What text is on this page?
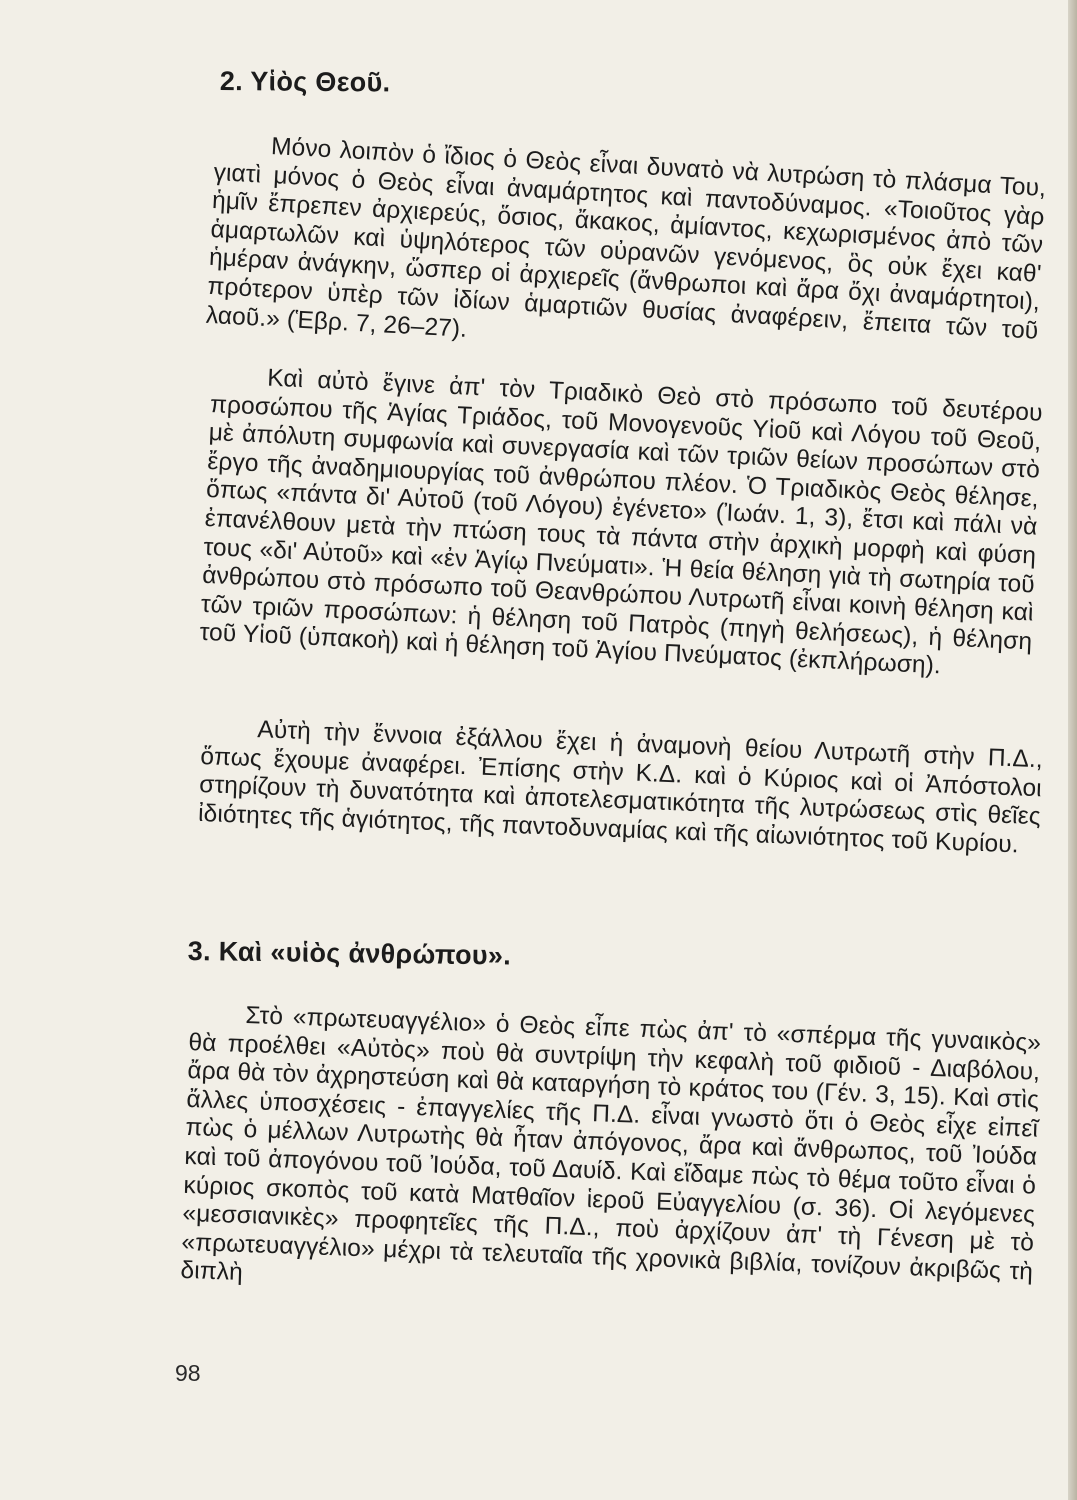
2. Υἱὸς Θεοῦ.

Μόνο λοιπὸν ὁ ἴδιος ὁ Θεὸς εἶναι δυνατὸ νὰ λυτρώση τὸ πλάσμα Του, γιατὶ μόνος ὁ Θεὸς εἶναι ἀναμάρτητος καὶ παντοδύναμος. «Τοιοῦτος γὰρ ἡμῖν ἔπρεπεν ἀρχιερεύς, ὅσιος, ἄκακος, ἀμίαντος, κεχωρισμένος ἀπὸ τῶν ἁμαρτωλῶν καὶ ὑψηλότερος τῶν οὐρανῶν γενόμενος, ὃς οὐκ ἔχει καθ' ἡμέραν ἀνάγκην, ὥσπερ οἱ ἀρχιερεῖς (ἄνθρωποι καὶ ἄρα ὄχι ἀναμάρτητοι), πρότερον ὑπὲρ τῶν ἰδίων ἁμαρτιῶν θυσίας ἀναφέρειν, ἔπειτα τῶν τοῦ λαοῦ.» (Ἑβρ. 7, 26–27).

Καὶ αὐτὸ ἔγινε ἀπ' τὸν Τριαδικὸ Θεὸ στὸ πρόσωπο τοῦ δευτέρου προσώπου τῆς Ἁγίας Τριάδος, τοῦ Μονογενοῦς Υἱοῦ καὶ Λόγου τοῦ Θεοῦ, μὲ ἀπόλυτη συμφωνία καὶ συνεργασία καὶ τῶν τριῶν θείων προσώπων στὸ ἔργο τῆς ἀναδημιουργίας τοῦ ἀνθρώπου πλέον. Ὁ Τριαδικὸς Θεὸς θέλησε, ὅπως «πάντα δι' Αὐτοῦ (τοῦ Λόγου) ἐγένετο» (Ἰωάν. 1, 3), ἔτσι καὶ πάλι νὰ ἐπανέλθουν μετὰ τὴν πτώση τους τὰ πάντα στὴν ἀρχικὴ μορφὴ καὶ φύση τους «δι' Αὐτοῦ» καὶ «ἐν Ἁγίῳ Πνεύματι». Ἡ θεία θέληση γιὰ τὴ σωτηρία τοῦ ἀνθρώπου στὸ πρόσωπο τοῦ Θεανθρώπου Λυτρωτῆ εἶναι κοινὴ θέληση καὶ τῶν τριῶν προσώπων: ἡ θέληση τοῦ Πατρὸς (πηγὴ θελήσεως), ἡ θέληση τοῦ Υἱοῦ (ὑπακοὴ) καὶ ἡ θέληση τοῦ Ἁγίου Πνεύματος (ἐκπλήρωση).

Αὐτὴ τὴν ἔννοια ἐξάλλου ἔχει ἡ ἀναμονὴ θείου Λυτρωτῆ στὴν Π.Δ., ὅπως ἔχουμε ἀναφέρει. Ἐπίσης στὴν Κ.Δ. καὶ ὁ Κύριος καὶ οἱ Ἀπόστολοι στηρίζουν τὴ δυνατότητα καὶ ἀποτελεσματικότητα τῆς λυτρώσεως στὶς θεῖες ἰδιότητες τῆς ἁγιότητος, τῆς παντοδυναμίας καὶ τῆς αἰωνιότητος τοῦ Κυρίου.

3. Καὶ «υἱὸς ἀνθρώπου».

Στὸ «πρωτευαγγέλιο» ὁ Θεὸς εἶπε πὼς ἀπ' τὸ «σπέρμα τῆς γυναικὸς» θὰ προέλθει «Αὐτὸς» ποὺ θὰ συντρίψη τὴν κεφαλὴ τοῦ φιδιοῦ - Διαβόλου, ἄρα θὰ τὸν ἀχρηστεύση καὶ θὰ καταργήση τὸ κράτος του (Γέν. 3, 15). Καὶ στὶς ἄλλες ὑποσχέσεις - ἐπαγγελίες τῆς Π.Δ. εἶναι γνωστὸ ὅτι ὁ Θεὸς εἶχε εἰπεῖ πὼς ὁ μέλλων Λυτρωτὴς θὰ ἦταν ἀπόγονος, ἄρα καὶ ἄνθρωπος, τοῦ Ἰούδα καὶ τοῦ ἀπογόνου τοῦ Ἰούδα, τοῦ Δαυίδ. Καὶ εἴδαμε πὼς τὸ θέμα τοῦτο εἶναι ὁ κύριος σκοπὸς τοῦ κατὰ Ματθαῖον ἱεροῦ Εὐαγγελίου (σ. 36). Οἱ λεγόμενες «μεσσιανικὲς» προφητεῖες τῆς Π.Δ., ποὺ ἀρχίζουν ἀπ' τὴ Γένεση μὲ τὸ «πρωτευαγγέλιο» μέχρι τὰ τελευταῖα τῆς χρονικὰ βιβλία, τονίζουν ἀκριβῶς τὴ διπλὴ

98
